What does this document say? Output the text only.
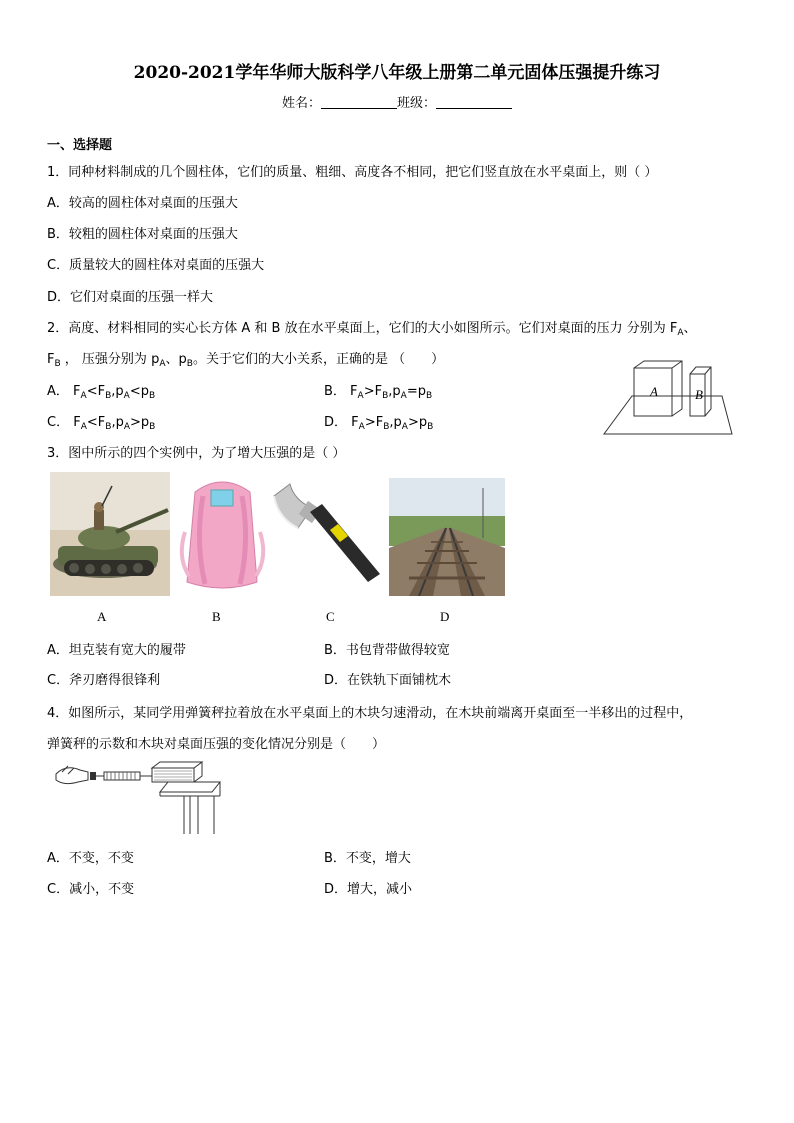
2020-2021学年华师大版科学八年级上册第二单元固体压强提升练习
姓名：	班级：
一、选择题
1．同种材料制成的几个圆柱体，它们的质量、粗细、高度各不相同，把它们竖直放在水平桌面上，则（ ）
A．较高的圆柱体对桌面的压强大
B．较粗的圆柱体对桌面的压强大
C．质量较大的圆柱体对桌面的压强大
D．它们对桌面的压强一样大
2．高度、材料相同的实心长方体 A 和 B 放在水平桌面上，它们的大小如图所示。它们对桌面的压力 分别为 $F_A$、
$F_B$ ， 压强分别为 $p_A$、$p_B$。关于它们的大小关系，正确的是 （　　）
A． $F_A<F_B,p_A<p_B$	B． $F_A>F_B,p_A=p_B$
C． $F_A<F_B,p_A>p_B$	D． $F_A>F_B,p_A>p_B$
A	B
3．图中所示的四个实例中，为了增大压强的是（ ）
A	B	C	D
A．坦克装有宽大的履带	B．书包背带做得较宽
C．斧刃磨得很锋利	D．在铁轨下面铺枕木
4．如图所示，某同学用弹簧秤拉着放在水平桌面上的木块匀速滑动，在木块前端离开桌面至一半移出的过程中，
弹簧秤的示数和木块对桌面压强的变化情况分别是（　　）
A．不变，不变	B．不变，增大
C．减小，不变	D．增大，减小
